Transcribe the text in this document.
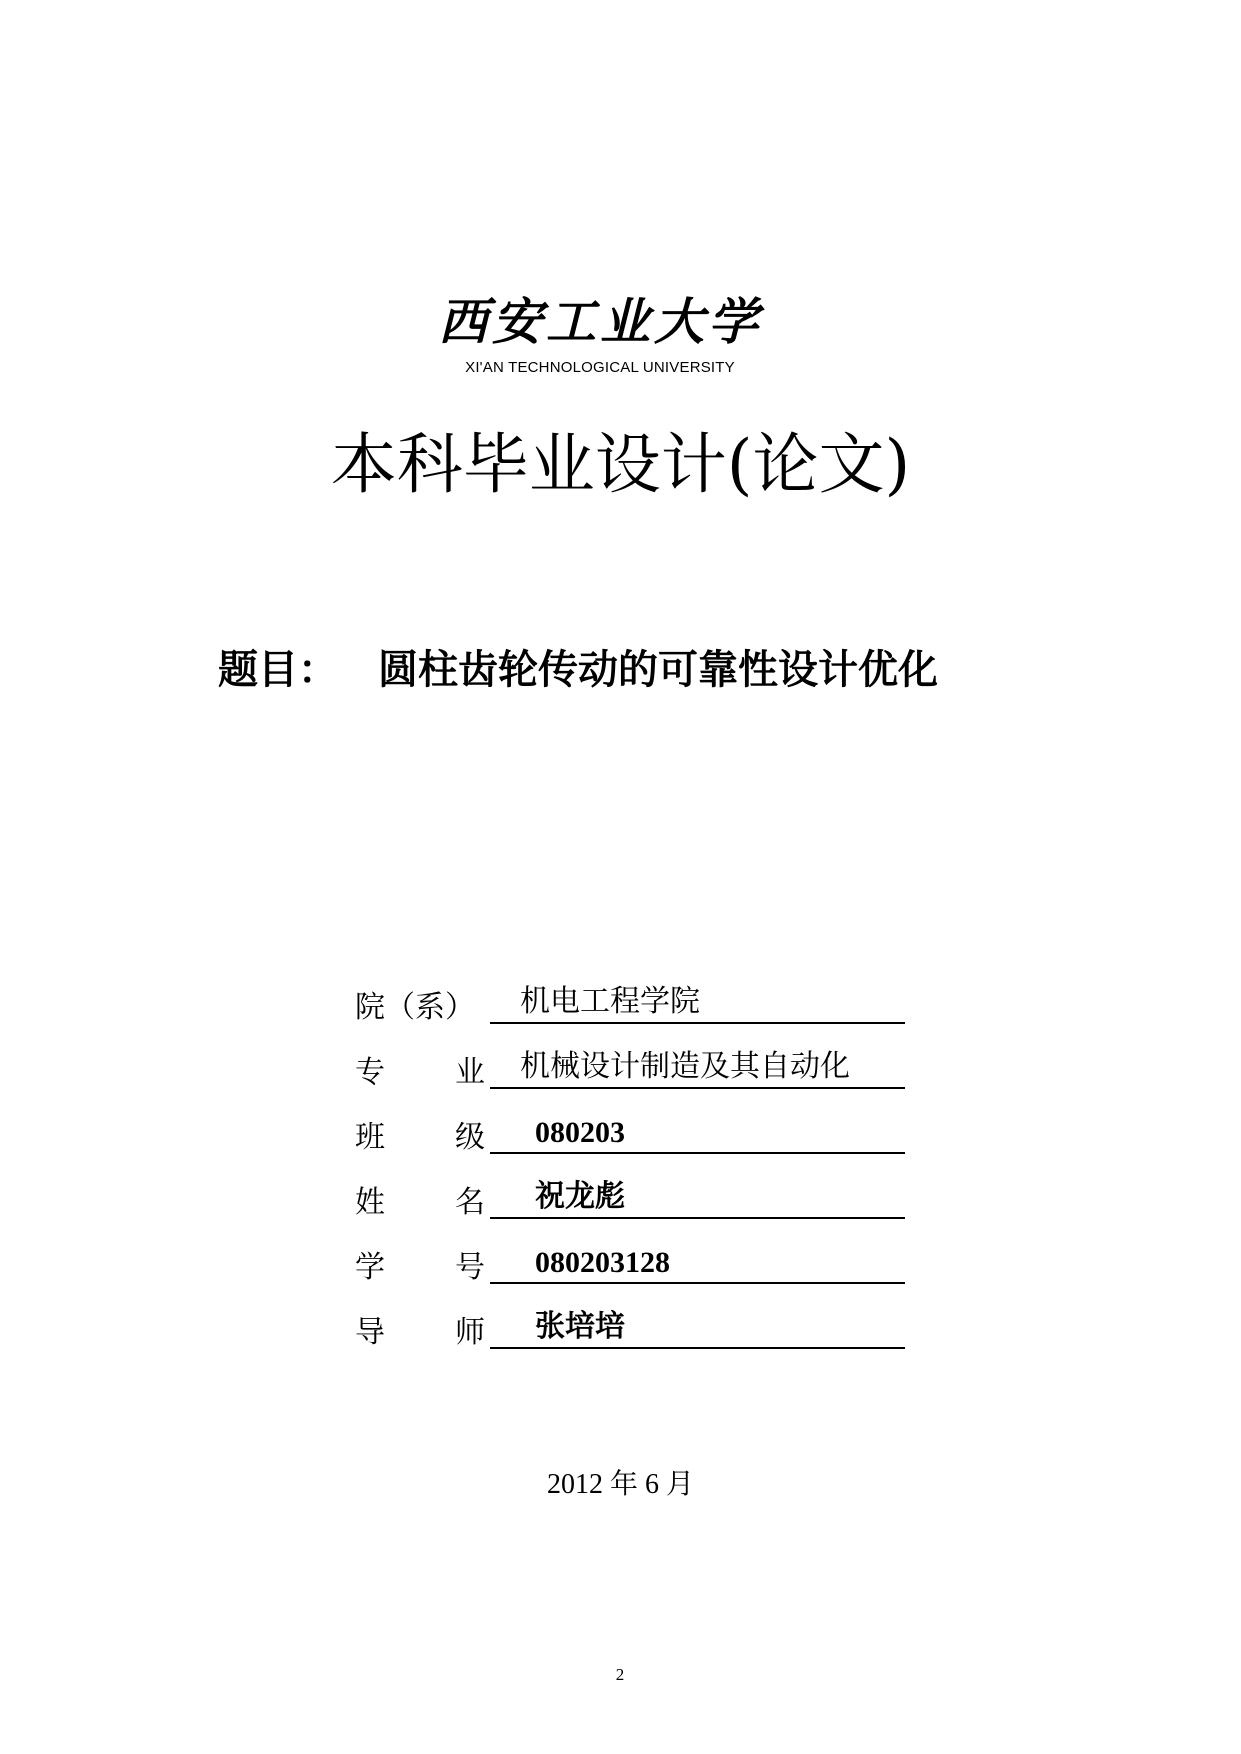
西安工业大学
XI'AN TECHNOLOGICAL UNIVERSITY
本科毕业设计(论文)
题目： 圆柱齿轮传动的可靠性设计优化
院（系）	机电工程学院
专 业 机械设计制造及其自动化
班 级 080203
姓 名 祝龙彪
学 号 080203128
导 师 张培培
2012 年 6 月
2
